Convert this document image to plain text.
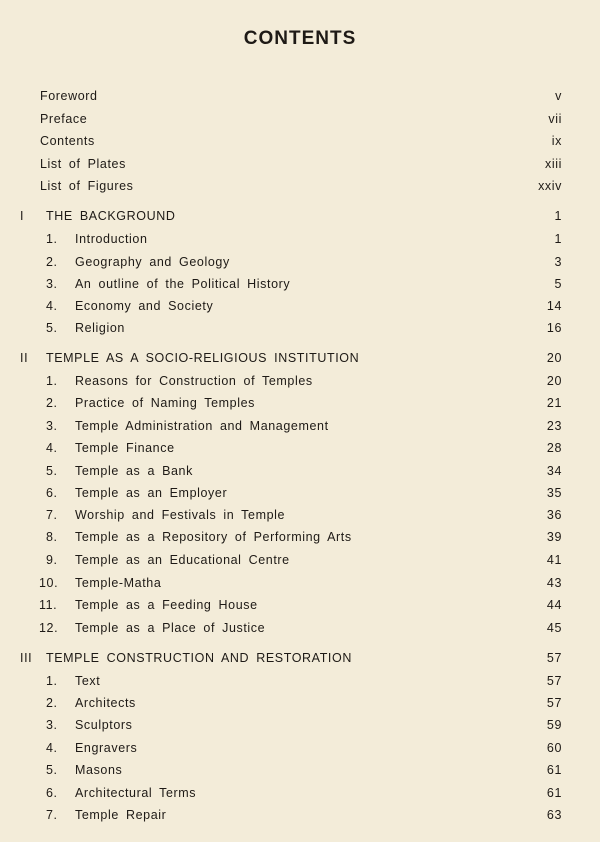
CONTENTS
Foreword	v
Preface	vii
Contents	ix
List of Plates	xiii
List of Figures	xxiv
I THE BACKGROUND	1
1.	Introduction	1
2.	Geography and Geology	3
3.	An outline of the Political History	5
4.	Economy and Society	14
5.	Religion	16
II TEMPLE AS A SOCIO-RELIGIOUS INSTITUTION	20
1.	Reasons for Construction of Temples	20
2.	Practice of Naming Temples	21
3.	Temple Administration and Management	23
4.	Temple Finance	28
5.	Temple as a Bank	34
6.	Temple as an Employer	35
7.	Worship and Festivals in Temple	36
8.	Temple as a Repository of Performing Arts	39
9.	Temple as an Educational Centre	41
10. Temple-Matha	43
11. Temple as a Feeding House	44
12. Temple as a Place of Justice	45
III TEMPLE CONSTRUCTION AND RESTORATION	57
1.	Text	57
2.	Architects	57
3.	Sculptors	59
4.	Engravers	60
5.	Masons	61
6.	Architectural Terms	61
7.	Temple Repair	63
